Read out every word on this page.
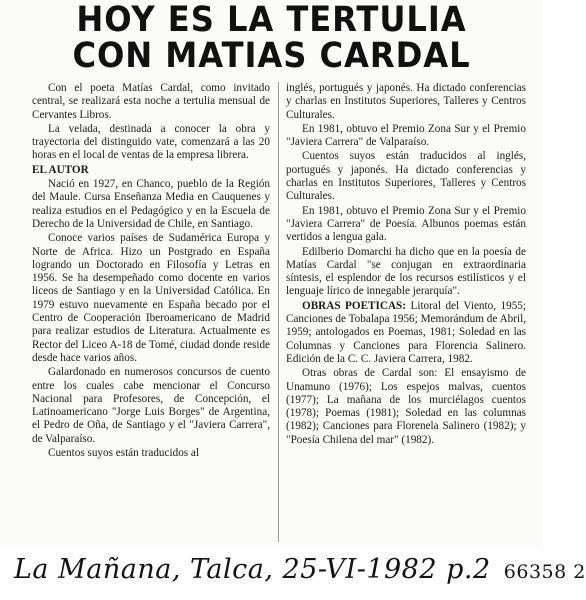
HOY ES LA TERTULIA
CON MATIAS CARDAL

Con el poeta Matías Cardal, como invitado central, se realizará esta noche a tertulia mensual de Cervantes Libros.

La velada, destinada a conocer la obra y trayectoria del distinguido vate, comenzará a las 20 horas en el local de ventas de la empresa librera.

EL AUTOR

Nació en 1927, en Chanco, pueblo de la Región del Maule. Cursa Enseñanza Media en Cauquenes y realiza estudios en el Pedagógico y en la Escuela de Derecho de la Universidad de Chile, en Santiago.

Conoce varios países de Sudamérica Europa y Norte de Africa. Hizo un Postgrado en España logrando un Doctorado en Filosofía y Letras en 1956. Se ha desempeñado como docente en varios liceos de Santiago y en la Universidad Católica. En 1979 estuvo nuevamente en España becado por el Centro de Cooperación Iberoamericano de Madrid para realizar estudios de Literatura. Actualmente es Rector del Liceo A-18 de Tomé, ciudad donde reside desde hace varios años.

Galardonado en numerosos concursos de cuento entre los cuales cabe mencionar el Concurso Nacional para Profesores, de Concepción, el Latinoamericano "Jorge Luis Borges" de Argentina, el Pedro de Oña, de Santiago y el "Javiera Carrera", de Valparaíso.

Cuentos suyos están traducidos al

inglés, portugués y japonés. Ha dictado conferencias y charlas en Institutos Superiores, Talleres y Centros Culturales.

En 1981, obtuvo el Premio Zona Sur y el Premio "Javiera Carrera" de Valparaíso.

Cuentos suyos están traducidos al inglés, portugués y japonés. Ha dictado conferencias y charlas en Institutos Superiores, Talleres y Centros Culturales.

En 1981, obtuvo el Premio Zona Sur y el Premio "Javiera Carrera" de Poesía. Albunos poemas están vertidos a lengua gala.

Edilberio Domarchi ha dicho que en la poesía de Matías Cardal "se conjugan en extraordinaria síntesis, el esplendor de los recursos estilísticos y el lenguaje lírico de innegable jerarquía".

OBRAS POETICAS: Litoral del Viento, 1955; Canciones de Tobalapa 1956; Memorándum de Abril, 1959; antologados en Poemas, 1981; Soledad en las Columnas y Canciones para Florencia Salinero. Edición de la C. C. Javiera Carrera, 1982.

Otras obras de Cardal son: El ensayismo de Unamuno (1976); Los espejos malvas, cuentos (1977); La mañana de los murciélagos cuentos (1978); Poemas (1981); Soledad en las columnas (1982); Canciones para Florenela Salinero (1982); y "Poesía Chilena del mar" (1982).

La Mañana, Talca, 25-VI-1982 p.2 66358 2
